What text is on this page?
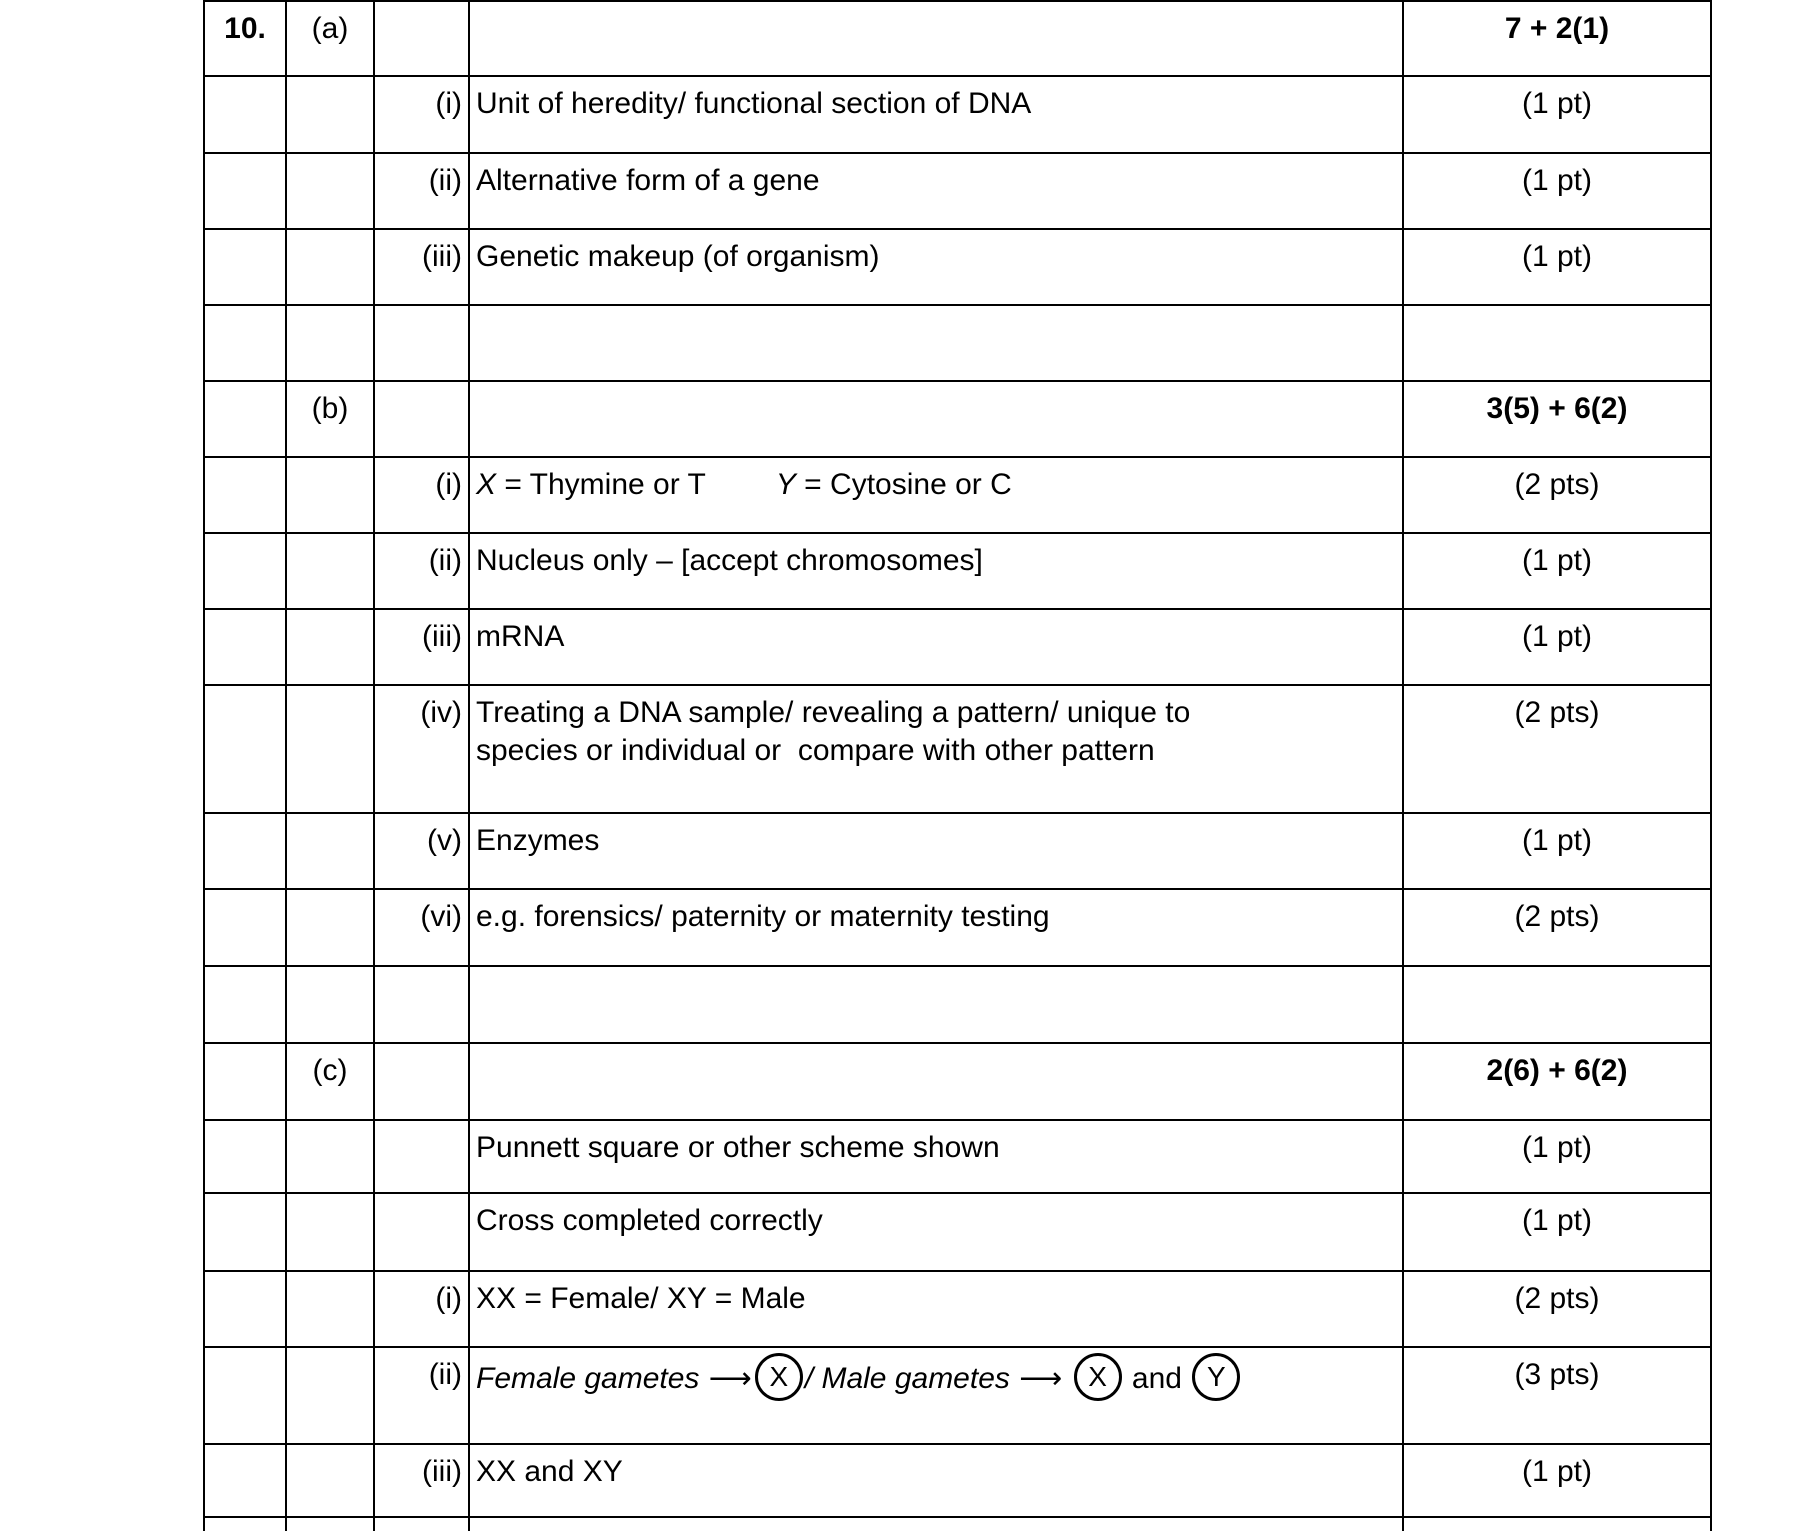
10.	(a)			7 + 2(1)
		(i)	Unit of heredity/ functional section of DNA	(1 pt)
		(ii)	Alternative form of a gene	(1 pt)
		(iii)	Genetic makeup (of organism)	(1 pt)

	(b)			3(5) + 6(2)
		(i)	X = Thymine or T Y = Cytosine or C	(2 pts)
		(ii)	Nucleus only – [accept chromosomes]	(1 pt)
		(iii)	mRNA	(1 pt)
		(iv)	Treating a DNA sample/ revealing a pattern/ unique to
species or individual or  compare with other pattern	(2 pts)
		(v)	Enzymes	(1 pt)
		(vi)	e.g. forensics/ paternity or maternity testing	(2 pts)

	(c)			2(6) + 6(2)
			Punnett square or other scheme shown	(1 pt)
			Cross completed correctly	(1 pt)
		(i)	XX = Female/ XY = Male	(2 pts)
		(ii)	Female gametes ⟶ X / Male gametes ⟶ X and Y	(3 pts)
		(iii)	XX and XY	(1 pt)
